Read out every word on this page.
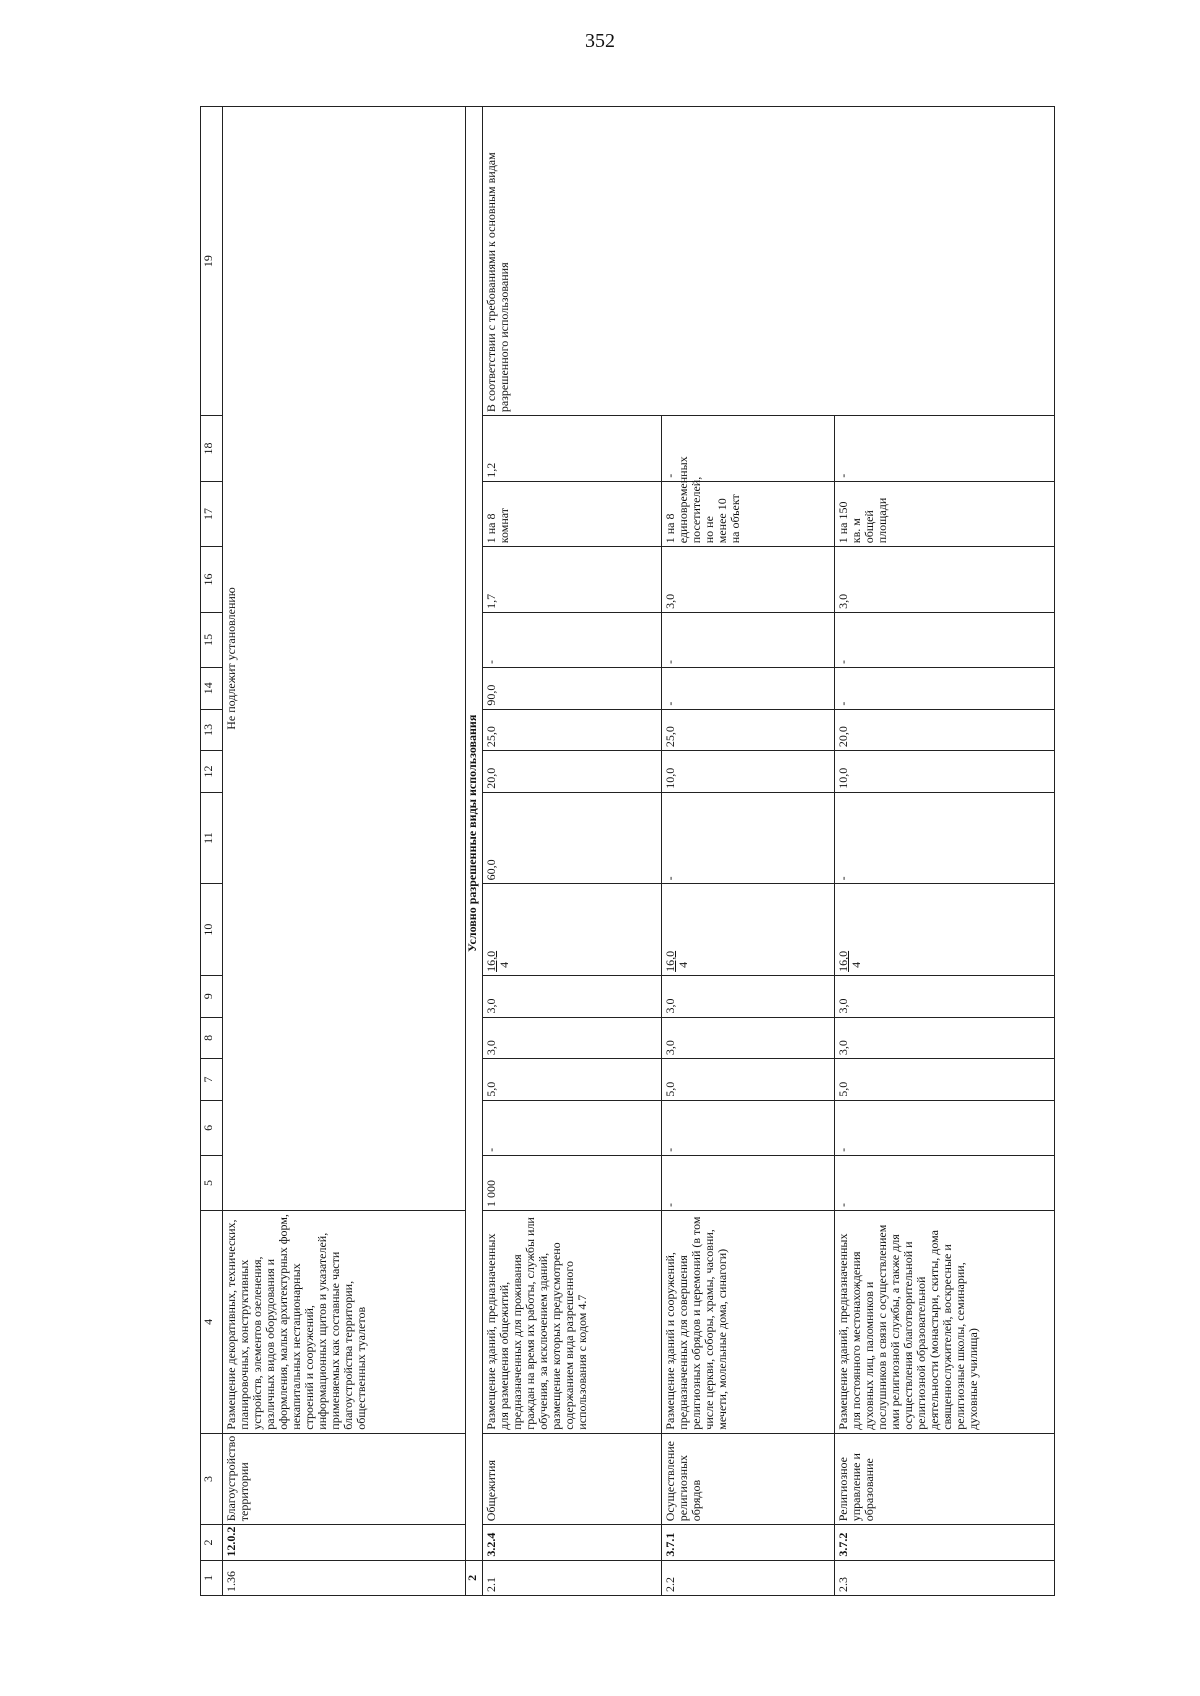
352
1	2	3	4	5	6	7	8	9	10	11	12	13	14	15	16	17	18	19
1.36	12.0.2	Благоустройство территории	Размещение декоративных, технических, планировочных, конструктивных устройств, элементов озеленения, различных видов оборудования и оформления, малых архитектурных форм, некапитальных нестационарных строений и сооружений, информационных щитов и указателей, применяемых как составные части благоустройства территории, общественных туалетов	Не подлежит установлению														
2	Условно разрешенные виды использования																	
2.1	3.2.4	Общежития	Размещение зданий, предназначенных для размещения общежитий, предназначенных для проживания граждан на время их работы, службы или обучения, за исключением зданий, размещение которых предусмотрено содержанием вида разрешенного использования с кодом 4.7	1 000	-	5,0	3,0	3,0	16,0 4	60,0	20,0	25,0	90,0	-	1,7	1 на 8 комнат	1,2	В соответствии с требованиями к основным видам разрешенного использования
2.2	3.7.1	Осуществление религиозных обрядов	Размещение зданий и сооружений, предназначенных для совершения религиозных обрядов и церемоний (в том числе церкви, соборы, храмы, часовни, мечети, молельные дома, синагоги)	-	-	5,0	3,0	3,0	16,0 4	-	10,0	25,0	-	-	3,0	1 на 8 единовременных посетителей, но не менее 10 на объект	-	
2.3	3.7.2	Религиозное управление и образование	Размещение зданий, предназначенных для постоянного местонахождения духовных лиц, паломников и послушников в связи с осуществлением ими религиозной службы, а также для осуществления благотворительной и религиозной образовательной деятельности (монастыри, скиты, дома священнослужителей, воскресные и религиозные школы, семинарии, духовные училища)	-	-	5,0	3,0	3,0	16,0 4	-	10,0	20,0	-	-	3,0	1 на 150 кв. м общей площади	-	
